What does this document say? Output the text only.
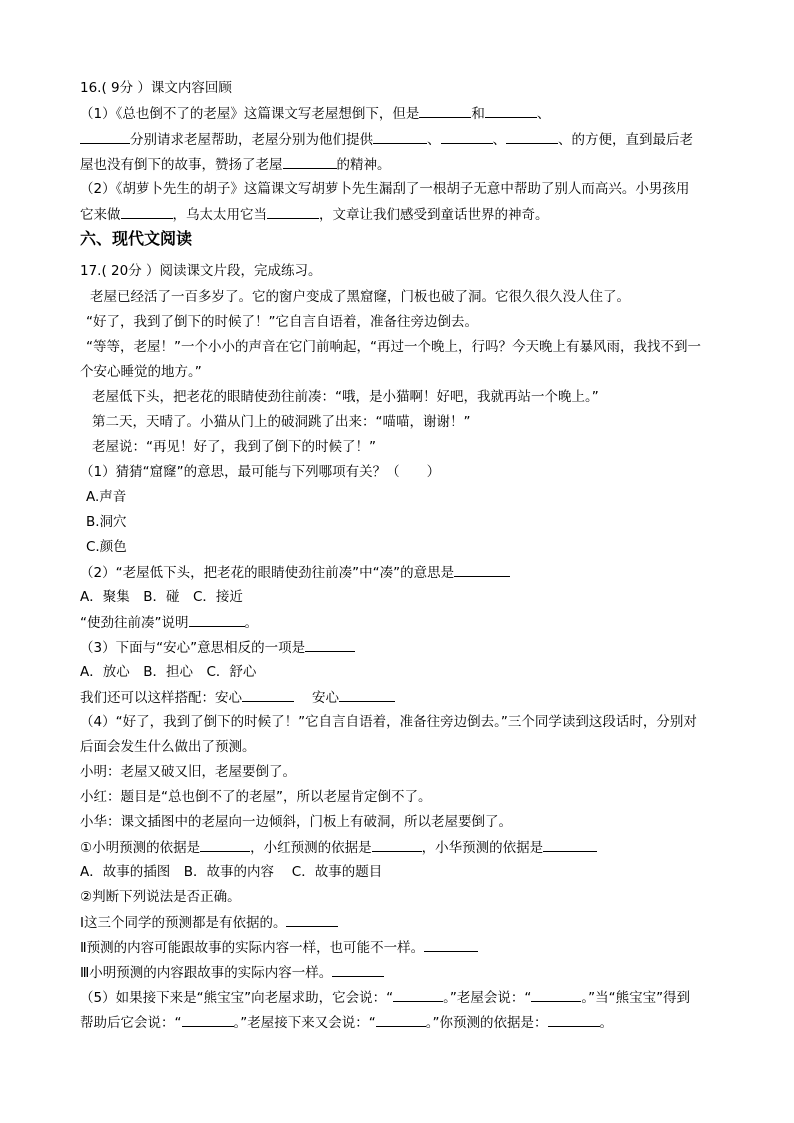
16.( 9分 ）课文内容回顾
（1）《总也倒不了的老屋》这篇课文写老屋想倒下，但是	和	、
分别请求老屋帮助，老屋分别为他们提供	、	、	、的方便，直到最后老
屋也没有倒下的故事，赞扬了老屋	的精神。
（2）《胡萝卜先生的胡子》这篇课文写胡萝卜先生漏刮了一根胡子无意中帮助了别人而高兴。小男孩用
它来做	，乌太太用它当	，文章让我们感受到童话世界的神奇。
六、现代文阅读
17.( 20分 ）阅读课文片段，完成练习。
老屋已经活了一百多岁了。它的窗户变成了黑窟窿，门板也破了洞。它很久很久没人住了。
“好了，我到了倒下的时候了！”它自言自语着，准备往旁边倒去。
“等等，老屋！”一个小小的声音在它门前响起，“再过一个晚上，行吗？今天晚上有暴风雨，我找不到一
个安心睡觉的地方。”
老屋低下头，把老花的眼睛使劲往前凑：“哦，是小猫啊！好吧，我就再站一个晚上。”
第二天，天晴了。小猫从门上的破洞跳了出来：“喵喵，谢谢！”
老屋说：“再见！好了，我到了倒下的时候了！”
（1）猜猜“窟窿”的意思，最可能与下列哪项有关？（　　）
A.声音
B.洞穴
C.颜色
（2）“老屋低下头，把老花的眼睛使劲往前凑”中“凑”的意思是
A．聚集　B．碰　C．接近
“使劲往前凑”说明	。
（3）下面与“安心”意思相反的一项是
A．放心　B．担心　C．舒心
我们还可以这样搭配：安心	安心
（4）“好了，我到了倒下的时候了！”它自言自语着，准备往旁边倒去。”三个同学读到这段话时，分别对
后面会发生什么做出了预测。
小明：老屋又破又旧，老屋要倒了。
小红：题目是“总也倒不了的老屋”，所以老屋肯定倒不了。
小华：课文插图中的老屋向一边倾斜，门板上有破洞，所以老屋要倒了。
①小明预测的依据是	，小红预测的依据是	，小华预测的依据是
A．故事的插图　B．故事的内容　 C．故事的题目
②判断下列说法是否正确。
Ⅰ这三个同学的预测都是有依据的。
Ⅱ预测的内容可能跟故事的实际内容一样，也可能不一样。
Ⅲ小明预测的内容跟故事的实际内容一样。
（5）如果接下来是“熊宝宝”向老屋求助，它会说：“	。”老屋会说：“	。”当“熊宝宝”得到
帮助后它会说：“	。”老屋接下来又会说：“	。”你预测的依据是：	。
